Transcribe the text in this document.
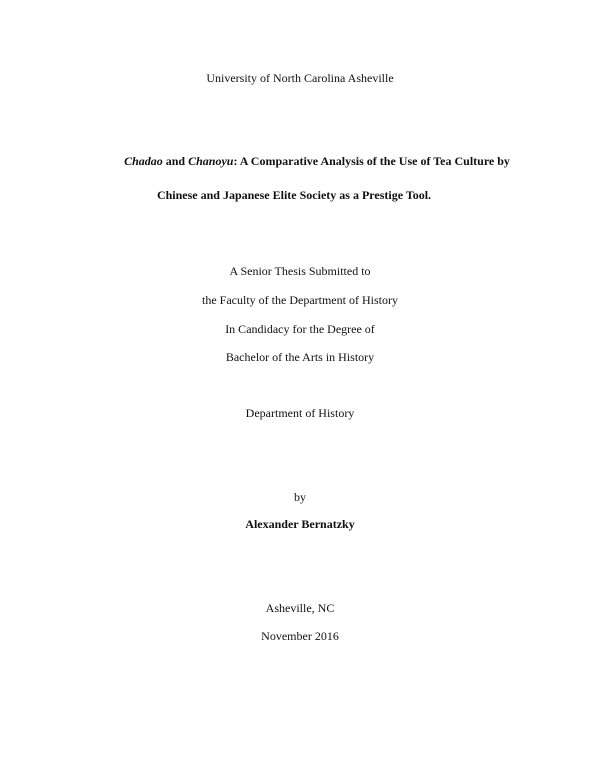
University of North Carolina Asheville
Chadao and Chanoyu: A Comparative Analysis of the Use of Tea Culture by
Chinese and Japanese Elite Society as a Prestige Tool.
A Senior Thesis Submitted to
the Faculty of the Department of History
In Candidacy for the Degree of
Bachelor of the Arts in History
Department of History
by
Alexander Bernatzky
Asheville, NC
November 2016
